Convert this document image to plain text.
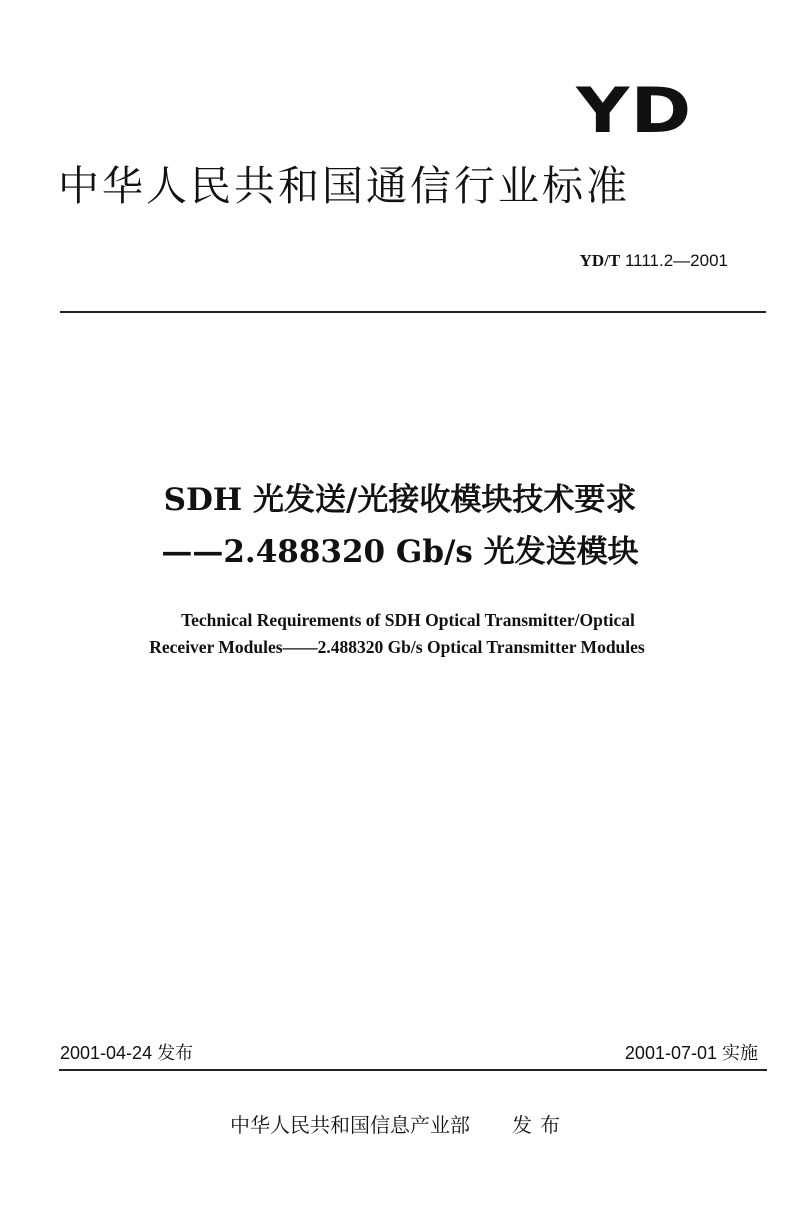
YD
中华人民共和国通信行业标准
YD/T 1111.2—2001
SDH 光发送/光接收模块技术要求
——2.488320 Gb/s 光发送模块
Technical Requirements of SDH Optical Transmitter/Optical
Receiver Modules——2.488320 Gb/s Optical Transmitter Modules
2001-04-24 发布	2001-07-01 实施
中华人民共和国信息产业部 发布
